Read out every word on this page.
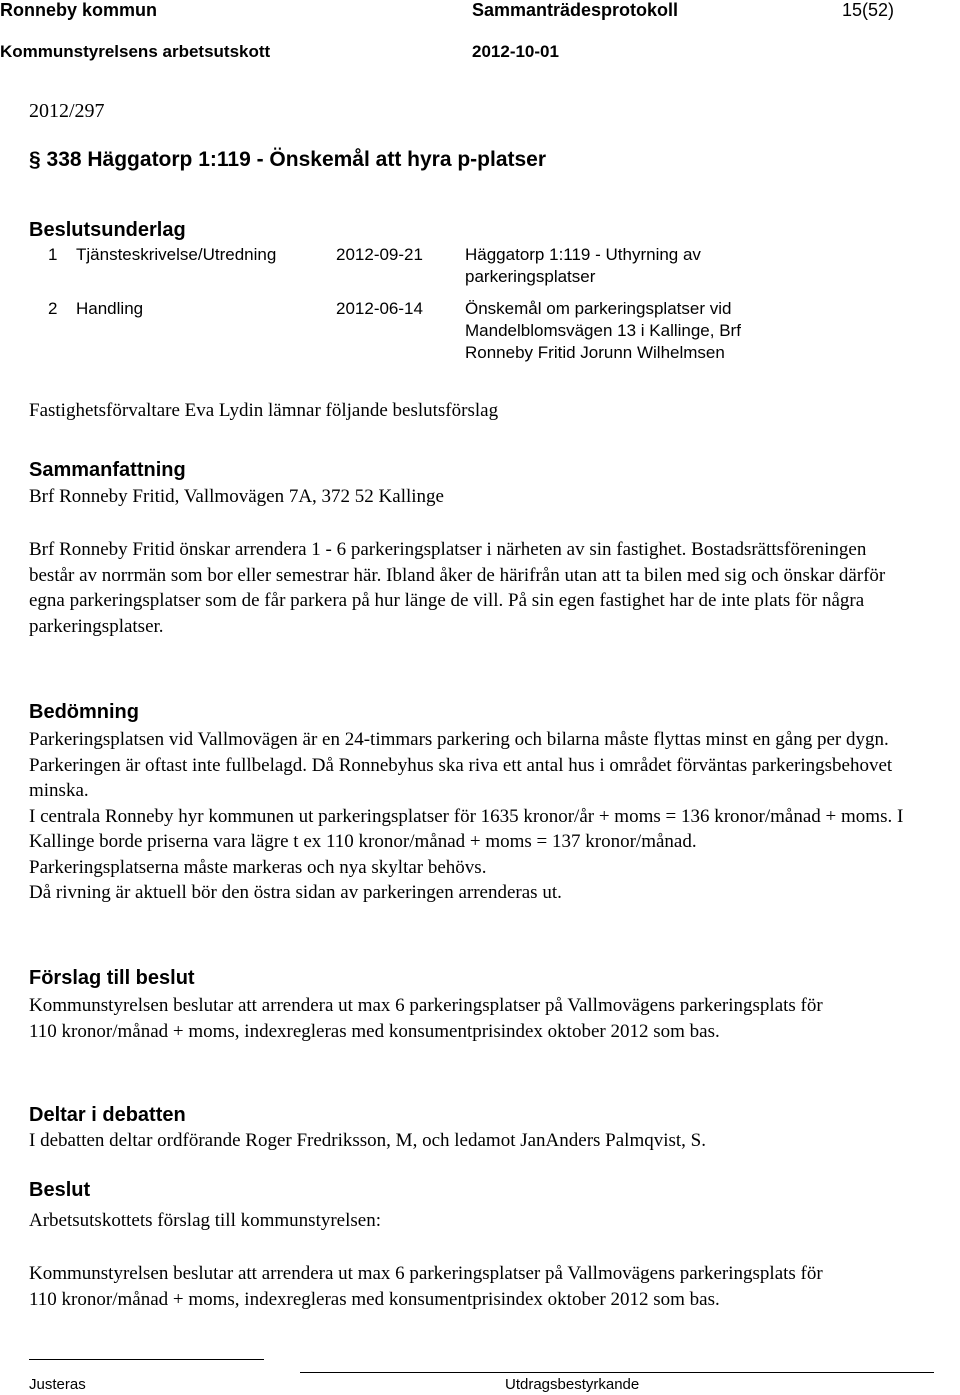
Ronneby kommun	Sammanträdesprotokoll	15(52)
Kommunstyrelsens arbetsutskott	2012-10-01
2012/297
§ 338 Häggatorp 1:119 - Önskemål att hyra p-platser
Beslutsunderlag
1 Tjänsteskrivelse/Utredning	2012-09-21 Häggatorp 1:119 - Uthyrning av
parkeringsplatser
2 Handling	2012-06-14 Önskemål om parkeringsplatser vid
Mandelblomsvägen 13 i Kallinge, Brf
Ronneby Fritid Jorunn Wilhelmsen
Fastighetsförvaltare Eva Lydin lämnar följande beslutsförslag
Sammanfattning
Brf Ronneby Fritid, Vallmovägen 7A, 372 52 Kallinge

Brf Ronneby Fritid önskar arrendera 1 - 6 parkeringsplatser i närheten av sin fastighet. Bostadsrättsföreningen består av norrmän som bor eller semestrar här. Ibland åker de härifrån utan att ta bilen med sig och önskar därför egna parkeringsplatser som de får parkera på hur länge de vill. På sin egen fastighet har de inte plats för några parkeringsplatser.

Bedömning

Parkeringsplatsen vid Vallmovägen är en 24-timmars parkering och bilarna måste flyttas minst en gång per dygn. Parkeringen är oftast inte fullbelagd. Då Ronnebyhus ska riva ett antal hus i området förväntas parkeringsbehovet minska.

I centrala Ronneby hyr kommunen ut parkeringsplatser för 1635 kronor/år + moms = 136 kronor/månad + moms. I Kallinge borde priserna vara lägre t ex 110 kronor/månad + moms = 137 kronor/månad.

Parkeringsplatserna måste markeras och nya skyltar behövs.

Då rivning är aktuell bör den östra sidan av parkeringen arrenderas ut.

Förslag till beslut

Kommunstyrelsen beslutar att arrendera ut max 6 parkeringsplatser på Vallmovägens parkeringsplats för 110 kronor/månad + moms, indexregleras med konsumentprisindex oktober 2012 som bas.

Deltar i debatten
I debatten deltar ordförande Roger Fredriksson, M, och ledamot JanAnders Palmqvist, S.
Beslut
Arbetsutskottets förslag till kommunstyrelsen:

Kommunstyrelsen beslutar att arrendera ut max 6 parkeringsplatser på Vallmovägens parkeringsplats för 110 kronor/månad + moms, indexregleras med konsumentprisindex oktober 2012 som bas.

Justeras	Utdragsbestyrkande
